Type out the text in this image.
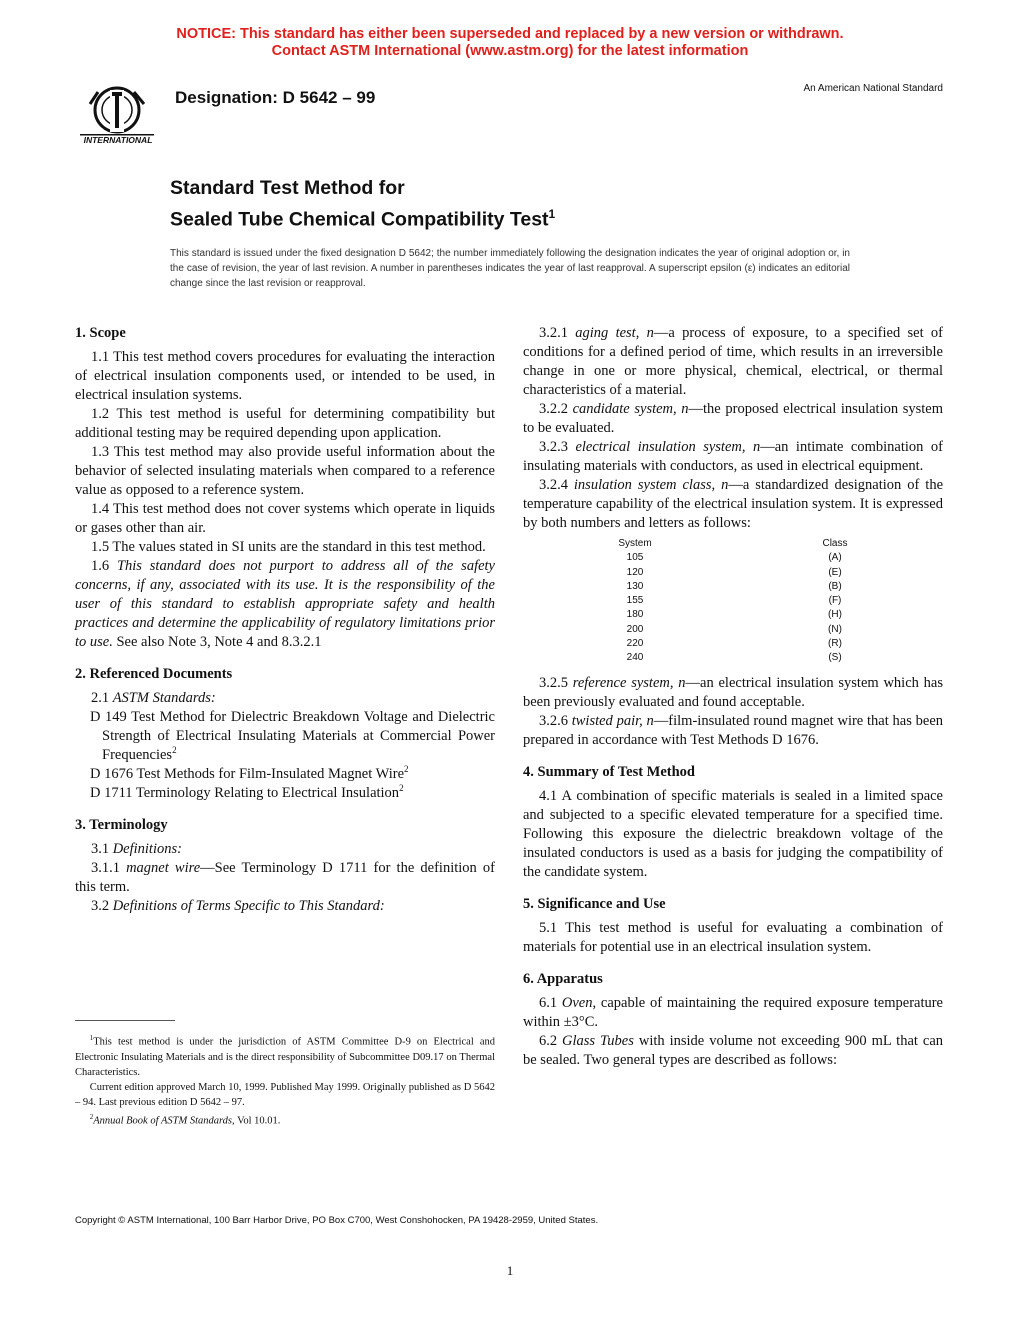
NOTICE: This standard has either been superseded and replaced by a new version or withdrawn.
Contact ASTM International (www.astm.org) for the latest information
INTERNATIONAL
Designation: D 5642 – 99	An American National Standard
Standard Test Method for
Sealed Tube Chemical Compatibility Test$^1$
This standard is issued under the fixed designation D 5642; the number immediately following the designation indicates the year of original adoption or, in the case of revision, the year of last revision. A number in parentheses indicates the year of last reapproval. A superscript epsilon (ε) indicates an editorial change since the last revision or reapproval.
1. Scope

1.1 This test method covers procedures for evaluating the interaction of electrical insulation components used, or intended to be used, in electrical insulation systems.

1.2 This test method is useful for determining compatibility but additional testing may be required depending upon application.

1.3 This test method may also provide useful information about the behavior of selected insulating materials when compared to a reference value as opposed to a reference system.

1.4 This test method does not cover systems which operate in liquids or gases other than air.

1.5 The values stated in SI units are the standard in this test method.

1.6 This standard does not purport to address all of the safety concerns, if any, associated with its use. It is the responsibility of the user of this standard to establish appropriate safety and health practices and determine the applicability of regulatory limitations prior to use. See also Note 3, Note 4 and 8.3.2.1

2. Referenced Documents

2.1 ASTM Standards:

D 149 Test Method for Dielectric Breakdown Voltage and Dielectric Strength of Electrical Insulating Materials at Commercial Power Frequencies$^2$

D 1676 Test Methods for Film-Insulated Magnet Wire$^2$

D 1711 Terminology Relating to Electrical Insulation$^2$

3. Terminology

3.1 Definitions:

3.1.1 magnet wire—See Terminology D 1711 for the definition of this term.

3.2 Definitions of Terms Specific to This Standard:

$^1$This test method is under the jurisdiction of ASTM Committee D-9 on Electrical and Electronic Insulating Materials and is the direct responsibility of Subcommittee D09.17 on Thermal Characteristics.

Current edition approved March 10, 1999. Published May 1999. Originally published as D 5642 – 94. Last previous edition D 5642 – 97.

$^2$Annual Book of ASTM Standards, Vol 10.01.

3.2.1 aging test, n—a process of exposure, to a specified set of conditions for a defined period of time, which results in an irreversible change in one or more physical, chemical, electrical, or thermal characteristics of a material.

3.2.2 candidate system, n—the proposed electrical insulation system to be evaluated.

3.2.3 electrical insulation system, n—an intimate combination of insulating materials with conductors, as used in electrical equipment.

3.2.4 insulation system class, n—a standardized designation of the temperature capability of the electrical insulation system. It is expressed by both numbers and letters as follows:

System		Class
105		(A)
120		(E)
130		(B)
155		(F)
180		(H)
200		(N)
220		(R)
240		(S)

3.2.5 reference system, n—an electrical insulation system which has been previously evaluated and found acceptable.

3.2.6 twisted pair, n—film-insulated round magnet wire that has been prepared in accordance with Test Methods D 1676.

4. Summary of Test Method

4.1 A combination of specific materials is sealed in a limited space and subjected to a specific elevated temperature for a specified time. Following this exposure the dielectric breakdown voltage of the insulated conductors is used as a basis for judging the compatibility of the candidate system.

5. Significance and Use

5.1 This test method is useful for evaluating a combination of materials for potential use in an electrical insulation system.

6. Apparatus

6.1 Oven, capable of maintaining the required exposure temperature within ±3°C.

6.2 Glass Tubes with inside volume not exceeding 900 mL that can be sealed. Two general types are described as follows:

Copyright © ASTM International, 100 Barr Harbor Drive, PO Box C700, West Conshohocken, PA 19428-2959, United States.
1
